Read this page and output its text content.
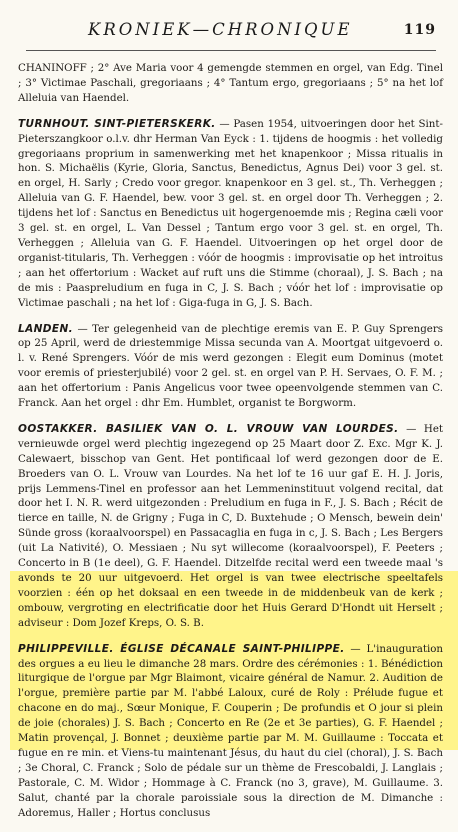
KRONIEK—CHRONIQUE	119

CHANINOFF ; 2° Ave Maria voor 4 gemengde stemmen en orgel, van Edg. Tinel ; 3° Victimae Paschali, gregoriaans ; 4° Tantum ergo, gregoriaans ; 5° na het lof Alleluia van Haendel.

TURNHOUT. SINT-PIETERSKERK. — Pasen 1954, uitvoeringen door het Sint-Pieterszangkoor o.l.v. dhr Herman Van Eyck : 1. tijdens de hoogmis : het volledig gregoriaans proprium in samenwerking met het knapenkoor ; Missa ritualis in hon. S. Michaëlis (Kyrie, Gloria, Sanctus, Benedictus, Agnus Dei) voor 3 gel. st. en orgel, H. Sarly ; Credo voor gregor. knapenkoor en 3 gel. st., Th. Verhеggen ; Alleluia van G. F. Haendel, bew. voor 3 gel. st. en orgel door Th. Verheggen ; 2. tijdens het lof : Sanctus en Benedictus uit hogergenoemde mis ; Regina cæli voor 3 gel. st. en orgel, L. Van Dessel ; Tantum ergo voor 3 gel. st. en orgel, Th. Verheggen ; Alleluia van G. F. Haendel. Uitvoeringen op het orgel door de organist-titularis, Th. Verheggen : vóór de hoogmis : improvisatie op het introitus ; aan het offertorium : Wacket auf ruft uns die Stimme (choraal), J. S. Bach ; na de mis : Paaspreludium en fuga in C, J. S. Bach ; vóór het lof : improvisatie op Victimae paschali ; na het lof : Giga-fuga in G, J. S. Bach.

LANDEN. — Ter gelegenheid van de plechtige eremis van E. P. Guy Sprengers op 25 April, werd de driestemmige Missa secunda van A. Moortgat uitgevoerd o. l. v. René Sprengers. Vóór de mis werd gezongen : Elegit eum Dominus (motet voor eremis of priesterjubilé) voor 2 gel. st. en orgel van P. H. Servaes, O. F. M. ; aan het offertorium : Panis Angelicus voor twee opeenvolgende stemmen van C. Franck. Aan het orgel : dhr Em. Humblet, organist te Borgworm.

OOSTAKKER. BASILIEK VAN O. L. VROUW VAN LOURDES. — Het vernieuwde orgel werd plechtig ingezegend op 25 Maart door Z. Exc. Mgr K. J. Calewaert, bisschop van Gent. Het pontificaal lof werd gezongen door de E. Broeders van O. L. Vrouw van Lourdes. Na het lof te 16 uur gaf E. H. J. Joris, prijs Lemmens-Tinel en professor aan het Lemmeninstituut volgend recital, dat door het I. N. R. werd uitgezonden : Preludium en fuga in F., J. S. Bach ; Récit de tierce en taille, N. de Grigny ; Fuga in C, D. Buxtehude ; O Mensch, bewein dein' Sünde gross (koraalvoorspel) en Passacaglia en fuga in c, J. S. Bach ; Les Bergers (uit La Nativité), O. Messiaen ; Nu syt willecome (koraalvoorspel), F. Peeters ; Concerto in B (1e deel), G. F. Haendel. Ditzelfde recital werd een tweede maal 's avonds te 20 uur uitgevoerd. Het orgel is van twee electrische speeltafels voorzien : één op het doksaal en een tweede in de middenbeuk van de kerk ; ombouw, vergroting en electrificatie door het Huis Gerard D'Hondt uit Herselt ; adviseur : Dom Jozef Kreps, O. S. B.

PHILIPPEVILLE. ÉGLISE DÉCANALE SAINT-PHILIPPE. — L'inauguration des orgues a eu lieu le dimanche 28 mars. Ordre des cérémonies : 1. Bénédiction liturgique de l'orgue par Mgr Blaimont, vicaire général de Namur. 2. Audition de l'orgue, première partie par M. l'abbé Laloux, curé de Roly : Prélude fugue et chacone en do maj., Sœur Monique, F. Couperin ; De profundis et O jour si plein de joie (chorales) J. S. Bach ; Concerto en Re (2e et 3e parties), G. F. Haendel ; Matin provençal, J. Bonnet ; deuxième partie par M. M. Guillaume : Toccata et fugue en re min. et Viens-tu maintenant Jésus, du haut du ciel (choral), J. S. Bach ; 3e Choral, C. Franck ; Solo de pédale sur un thème de Frescobaldi, J. Langlais ; Pastorale, C. M. Widor ; Hommage à C. Franck (no 3, grave), M. Guillaume. 3. Salut, chanté par la chorale paroissiale sous la direction de M. Dimanche : Adoremus, Haller ; Hortus conclusus
